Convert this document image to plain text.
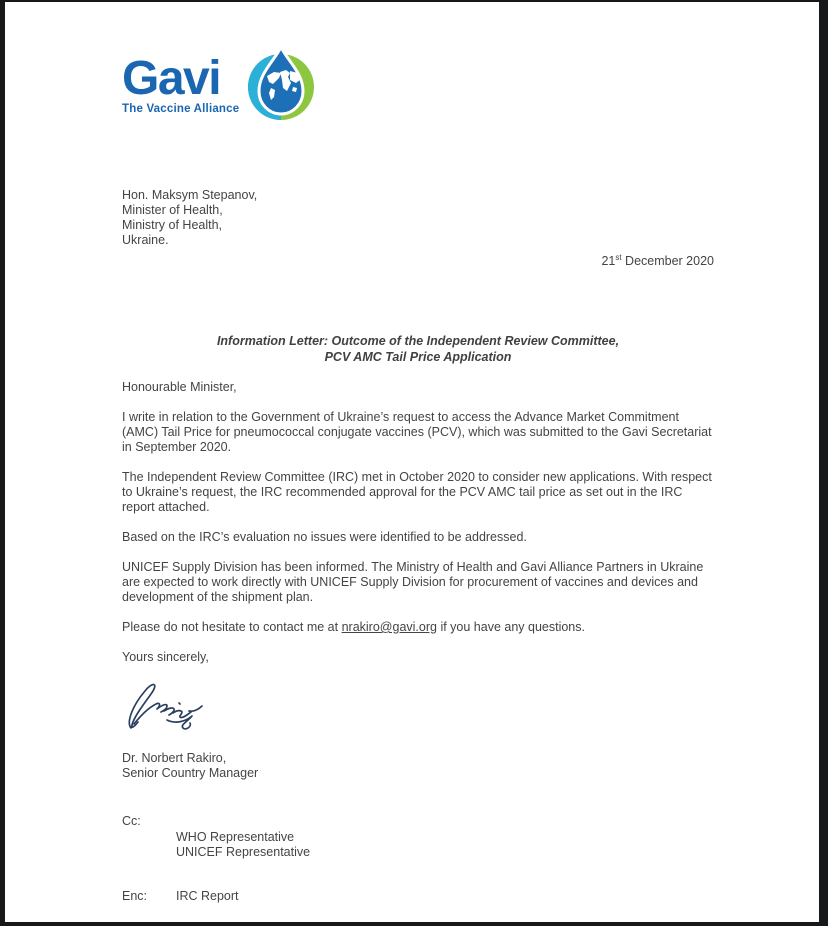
Gavi
The Vaccine Alliance
Hon. Maksym Stepanov,
Minister of Health,
Ministry of Health,
Ukraine.
21st December 2020
Information Letter: Outcome of the Independent Review Committee,
PCV AMC Tail Price Application

Honourable Minister,

I write in relation to the Government of Ukraine’s request to access the Advance Market Commitment (AMC) Tail Price for pneumococcal conjugate vaccines (PCV), which was submitted to the Gavi Secretariat in September 2020.

The Independent Review Committee (IRC) met in October 2020 to consider new applications. With respect to Ukraine’s request, the IRC recommended approval for the PCV AMC tail price as set out in the IRC report attached.

Based on the IRC’s evaluation no issues were identified to be addressed.

UNICEF Supply Division has been informed. The Ministry of Health and Gavi Alliance Partners in Ukraine are expected to work directly with UNICEF Supply Division for procurement of vaccines and devices and development of the shipment plan.

Please do not hesitate to contact me at nrakiro@gavi.org if you have any questions.

Yours sincerely,

Dr. Norbert Rakiro,
Senior Country Manager
Cc:
WHO Representative
UNICEF Representative
Enc: IRC Report
